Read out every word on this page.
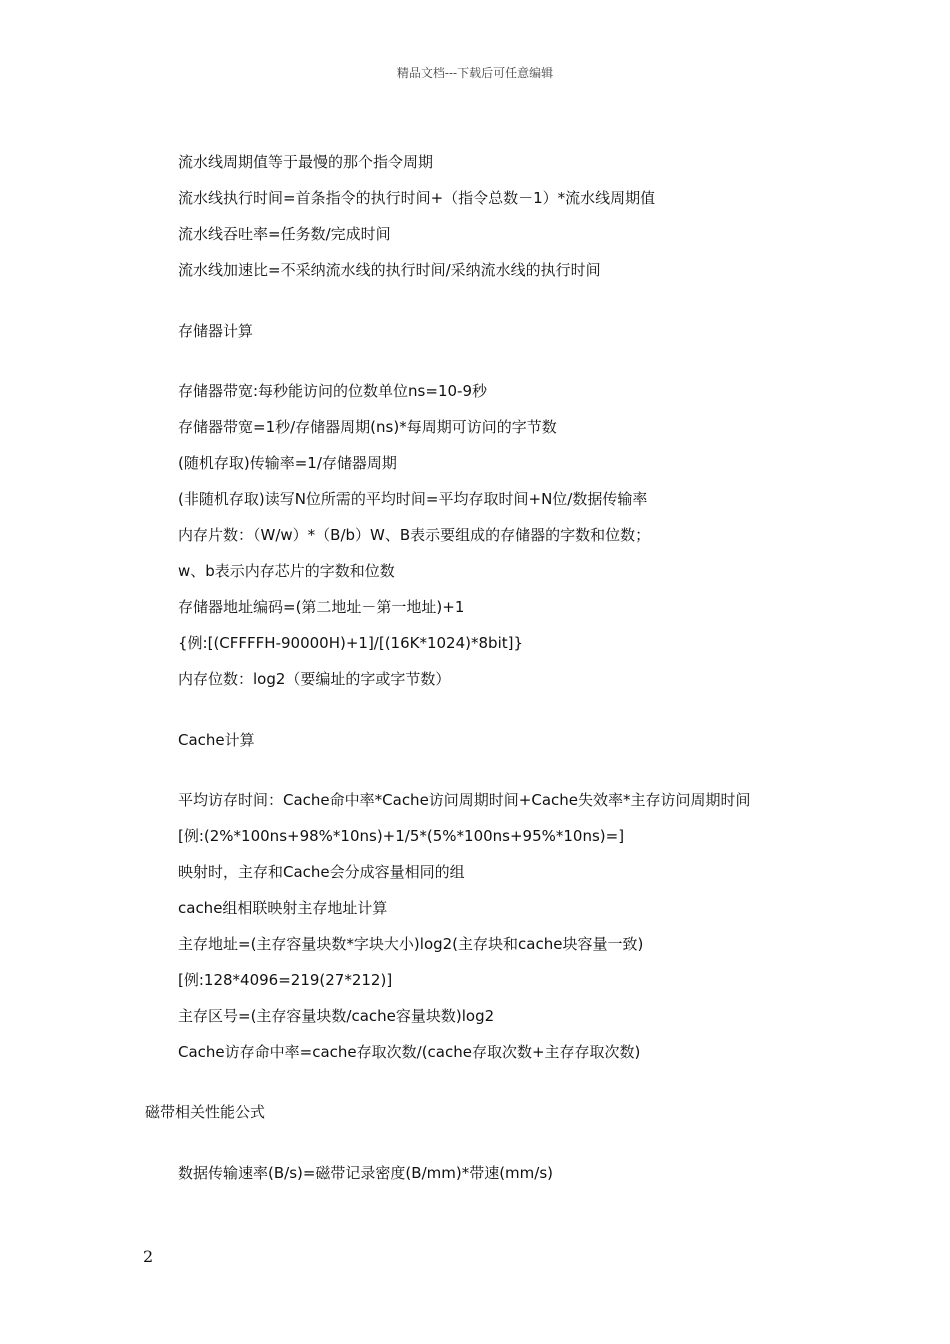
精品文档---下载后可任意编辑
流水线周期值等于最慢的那个指令周期
流水线执行时间=首条指令的执行时间+（指令总数－1）*流水线周期值
流水线吞吐率=任务数/完成时间
流水线加速比=不采纳流水线的执行时间/采纳流水线的执行时间
存储器计算
存储器带宽:每秒能访问的位数单位ns=10-9秒
存储器带宽=1秒/存储器周期(ns)*每周期可访问的字节数
(随机存取)传输率=1/存储器周期
(非随机存取)读写N位所需的平均时间=平均存取时间+N位/数据传输率
内存片数：（W/w）*（B/b）W、B表示要组成的存储器的字数和位数；
w、b表示内存芯片的字数和位数
存储器地址编码=(第二地址－第一地址)+1
{例:[(CFFFFH-90000H)+1]/[(16K*1024)*8bit]}
内存位数：log2（要编址的字或字节数）
Cache计算
平均访存时间：Cache命中率*Cache访问周期时间+Cache失效率*主存访问周期时间
[例:(2%*100ns+98%*10ns)+1/5*(5%*100ns+95%*10ns)=]
映射时，主存和Cache会分成容量相同的组
cache组相联映射主存地址计算
主存地址=(主存容量块数*字块大小)log2(主存块和cache块容量一致)
[例:128*4096=219(27*212)]
主存区号=(主存容量块数/cache容量块数)log2
Cache访存命中率=cache存取次数/(cache存取次数+主存存取次数)
磁带相关性能公式
数据传输速率(B/s)=磁带记录密度(B/mm)*带速(mm/s)
2
